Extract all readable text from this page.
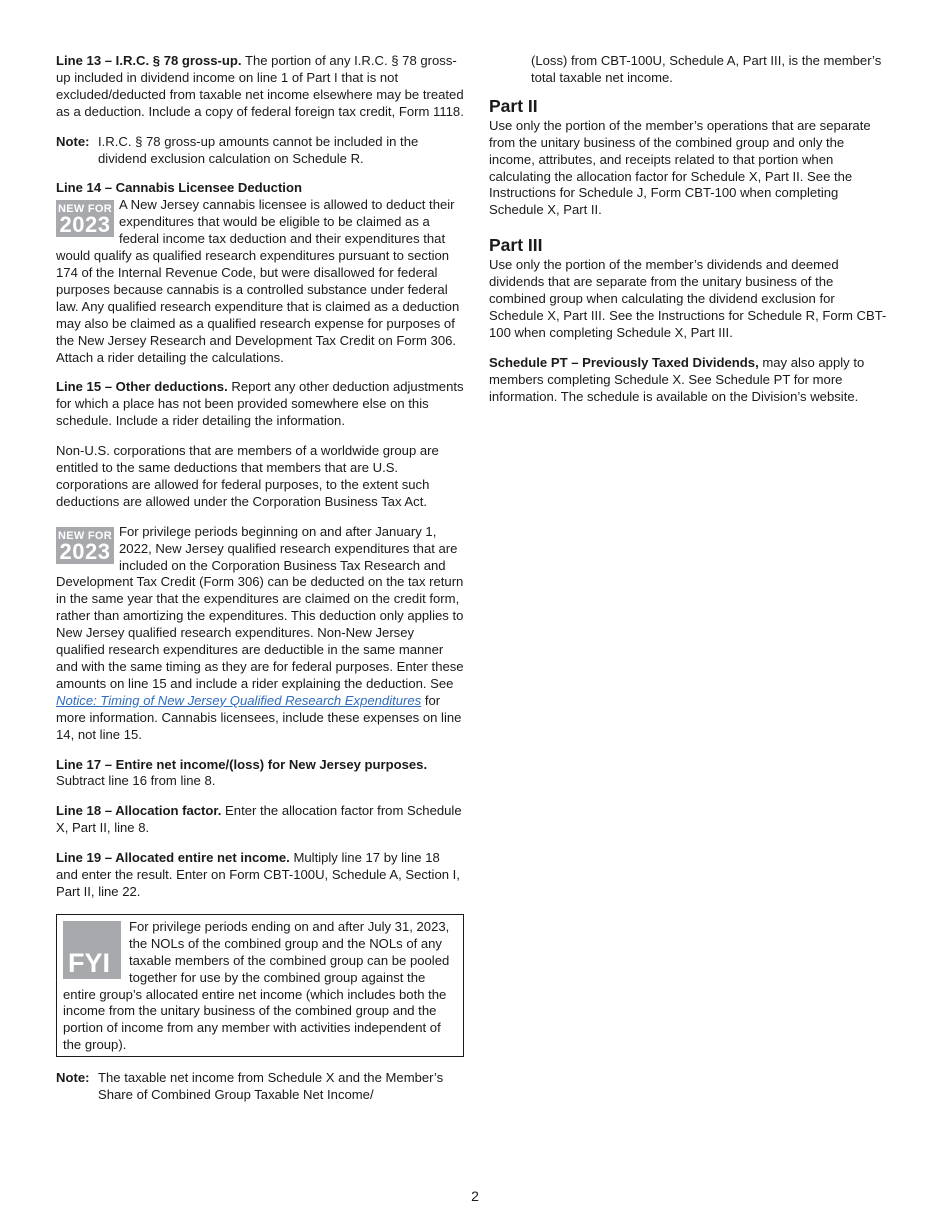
Line 13 – I.R.C. § 78 gross-up. The portion of any I.R.C. § 78 gross-up included in dividend income on line 1 of Part I that is not excluded/deducted from taxable net income elsewhere may be treated as a deduction. Include a copy of federal foreign tax credit, Form 1118.

Note: I.R.C. § 78 gross-up amounts cannot be included in the dividend exclusion calculation on Schedule R.

Line 14 – Cannabis Licensee Deduction

NEW FOR
2023

A New Jersey cannabis licensee is allowed to deduct their expenditures that would be eligible to be claimed as a federal income tax deduction and their expenditures that would qualify as qualified research expenditures pursuant to section 174 of the Internal Revenue Code, but were disallowed for federal purposes because cannabis is a controlled substance under federal law. Any qualified research expenditure that is claimed as a deduction may also be claimed as a qualified research expense for purposes of the New Jersey Research and Development Tax Credit on Form 306. Attach a rider detailing the calculations.

Line 15 – Other deductions. Report any other deduction adjustments for which a place has not been provided somewhere else on this schedule. Include a rider detailing the information.

Non-U.S. corporations that are members of a worldwide group are entitled to the same deductions that members that are U.S. corporations are allowed for federal purposes, to the extent such deductions are allowed under the Corporation Business Tax Act.

NEW FOR
2023

For privilege periods beginning on and after January 1, 2022, New Jersey qualified research expenditures that are included on the Corporation Business Tax Research and Development Tax Credit (Form 306) can be deducted on the tax return in the same year that the expenditures are claimed on the credit form, rather than amortizing the expenditures. This deduction only applies to New Jersey qualified research expenditures. Non-New Jersey qualified research expenditures are deductible in the same manner and with the same timing as they are for federal purposes. Enter these amounts on line 15 and include a rider explaining the deduction. See Notice: Timing of New Jersey Qualified Research Expenditures for more information. Cannabis licensees, include these expenses on line 14, not line 15.

Line 17 – Entire net income/(loss) for New Jersey purposes. Subtract line 16 from line 8.

Line 18 – Allocation factor. Enter the allocation factor from Schedule X, Part II, line 8.

Line 19 – Allocated entire net income. Multiply line 17 by line 18 and enter the result. Enter on Form CBT-100U, Schedule A, Section I, Part II, line 22.

FYI

For privilege periods ending on and after July 31, 2023, the NOLs of the combined group and the NOLs of any taxable members of the combined group can be pooled together for use by the combined group against the entire group’s allocated entire net income (which includes both the income from the unitary business of the combined group and the portion of income from any member with activities independent of the group).

Note: The taxable net income from Schedule X and the Member’s Share of Combined Group Taxable Net Income/

(Loss) from CBT-100U, Schedule A, Part III, is the member’s total taxable net income.

Part II

Use only the portion of the member’s operations that are separate from the unitary business of the combined group and only the income, attributes, and receipts related to that portion when calculating the allocation factor for Schedule X, Part II. See the Instructions for Schedule J, Form CBT-100 when completing Schedule X, Part II.

Part III

Use only the portion of the member’s dividends and deemed dividends that are separate from the unitary business of the combined group when calculating the dividend exclusion for Schedule X, Part III. See the Instructions for Schedule R, Form CBT-100 when completing Schedule X, Part III.

Schedule PT – Previously Taxed Dividends, may also apply to members completing Schedule X. See Schedule PT for more information. The schedule is available on the Division’s website.

2
